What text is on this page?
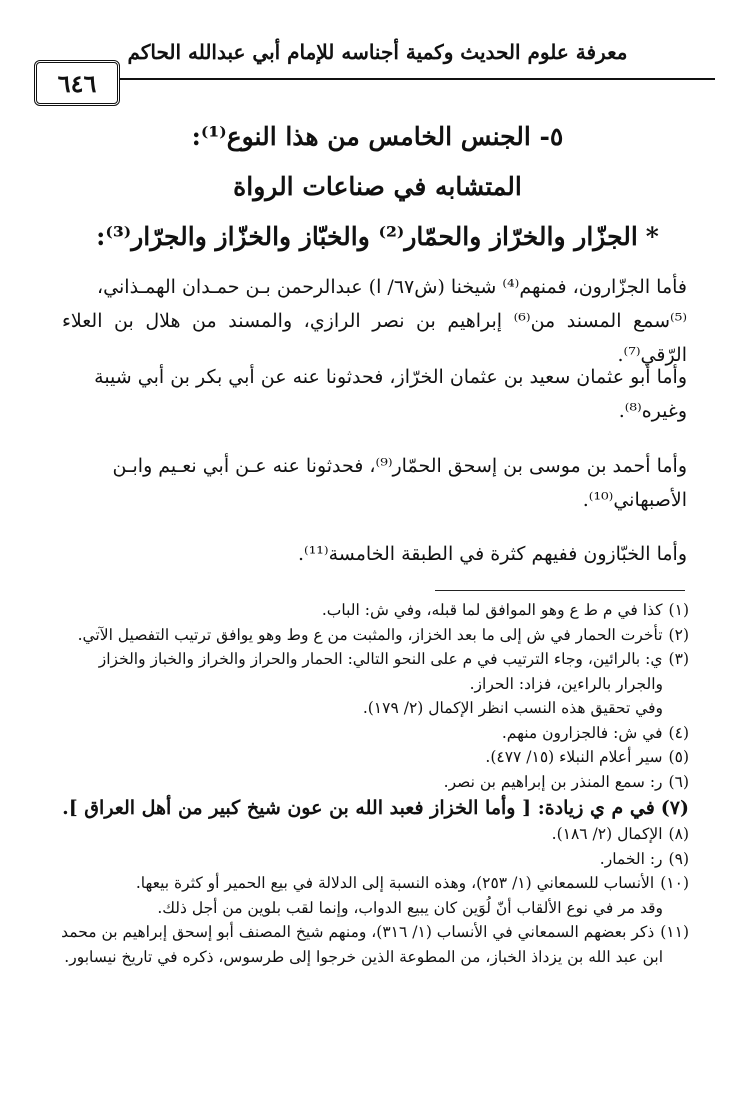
معرفة علوم الحديث وكمية أجناسه للإمام أبي عبدالله الحاكم
٦٤٦
٥- الجنس الخامس من هذا النوع⁽¹⁾:
المتشابه في صناعات الرواة
*الجزّار والخرّاز والحمّار⁽²⁾ والخبّاز والخزّاز والجرّار⁽³⁾:
فأما الجزّارون، فمنهم⁽⁴⁾ شيخنا (ش٦٧/ ا) عبدالرحمن بـن حمـدان الهمـذاني،
⁽⁵⁾سمع المسند من⁽⁶⁾ إبراهيم بن نصر الرازي، والمسند من هلال بن العلاء الرّقي⁽⁷⁾.
وأما أبو عثمان سعيد بن عثمان الخرّاز، فحدثونا عنه عن أبي بكر بن أبي شيبة
وغيره⁽⁸⁾.
وأما أحمد بن موسى بن إسحق الحمّار⁽⁹⁾، فحدثونا عنه عـن أبي نعـيم وابـن
الأصبهاني⁽¹⁰⁾.
وأما الخبّازون ففيهم كثرة في الطبقة الخامسة⁽¹¹⁾.

(١)كذا في م ط ع وهو الموافق لما قبله، وفي ش: الباب.

(٢)تأخرت الحمار في ش إلى ما بعد الخزاز، والمثبت من ع وط وهو يوافق ترتيب التفصيل الآتي.

(٣)ي: بالرائين، وجاء الترتيب في م على النحو التالي: الحمار والحراز والخراز والخباز والخزاز

والجرار بالراءين، فزاد: الحراز.

وفي تحقيق هذه النسب انظر الإكمال (٢/ ١٧٩).

(٤)في ش: فالجزارون منهم.

(٥)سير أعلام النبلاء (١٥/ ٤٧٧).

(٦)ر: سمع المنذر بن إبراهيم بن نصر.

(٧)في م ي زيادة: [ وأما الخزاز فعبد الله بن عون شيخ كبير من أهل العراق ].

(٨)الإكمال (٢/ ١٨٦).

(٩)ر: الخمار.

(١٠)الأنساب للسمعاني (١/ ٢٥٣)، وهذه النسبة إلى الدلالة في بيع الحمير أو كثرة بيعها.

وقد مر في نوع الألقاب أنّ لُوَين كان يبيع الدواب، وإنما لقب بلوين من أجل ذلك.

(١١)ذكر بعضهم السمعاني في الأنساب (١/ ٣١٦)، ومنهم شيخ المصنف أبو إسحق إبراهيم بن محمد

ابن عبد الله بن يزداذ الخباز، من المطوعة الذين خرجوا إلى طرسوس، ذكره في تاريخ نيسابور.
